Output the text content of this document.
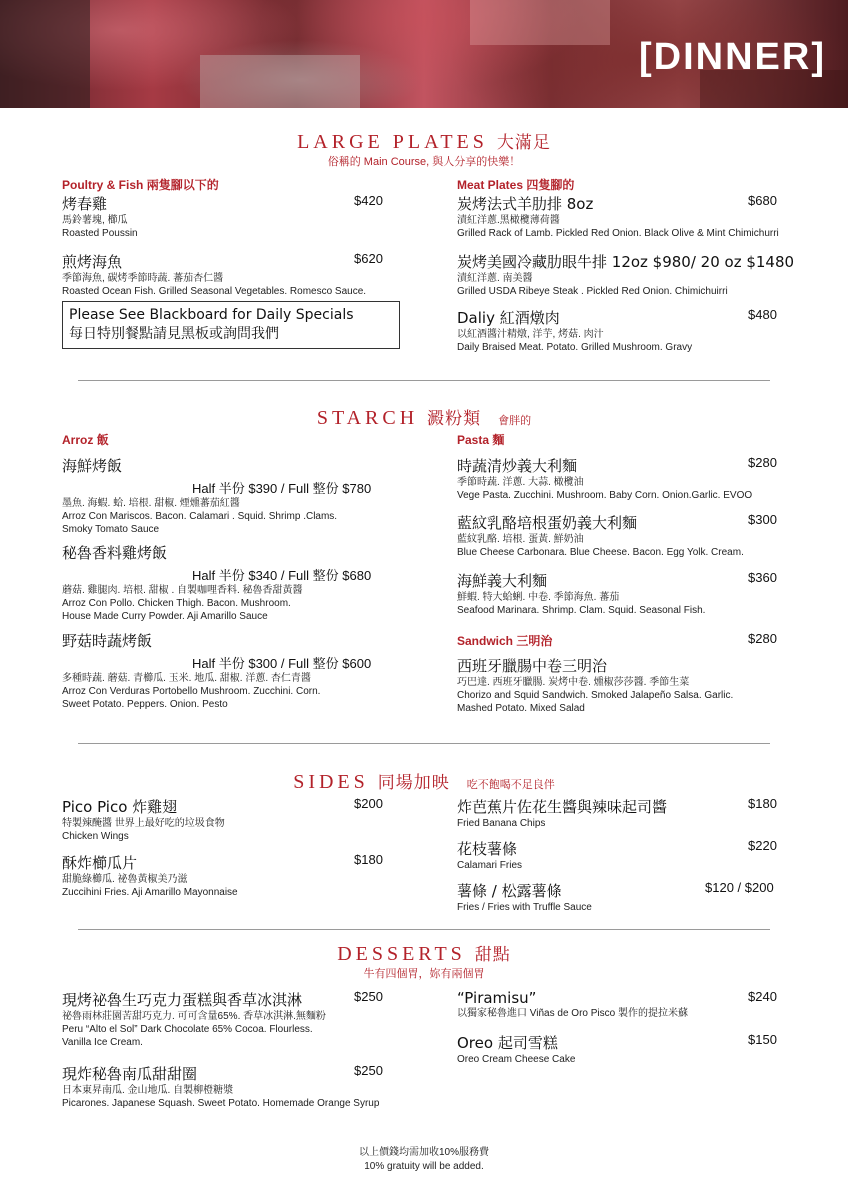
[DINNER]
LARGE PLATES 大滿足
俗稱的 Main Course, 與人分享的快樂！
Poultry & Fish 兩隻腳以下的	Meat Plates 四隻腳的
烤春雞	$420
馬鈴薯塊, 櫛瓜
Roasted Poussin
煎烤海魚	$620
季節海魚, 碳烤季節時蔬. 蕃茄杏仁醬
Roasted Ocean Fish. Grilled Seasonal Vegetables. Romesco Sauce.
Please See Blackboard for Daily Specials
每日特別餐點請見黑板或詢問我們
炭烤法式羊肋排 8oz	$680
漬紅洋蔥.黑橄欖薄荷醬
Grilled Rack of Lamb. Pickled Red Onion. Black Olive & Mint Chimichurri
炭烤美國冷藏肋眼牛排 12oz $980/ 20 oz $1480
漬紅洋蔥. 南美醬
Grilled USDA Ribeye Steak . Pickled Red Onion. Chimichuirri
Daliy 紅酒燉肉	$480
以紅酒醬汁精燉, 洋芋, 烤菇. 肉汁
Daily Braised Meat. Potato. Grilled Mushroom. Gravy
STARCH 澱粉類 會胖的
Arroz 飯	Pasta 麵
海鮮烤飯
Half 半份 $390 / Full 整份 $780
墨魚. 海蝦. 蛤. 培根. 甜椒. 煙燻蕃茄紅醬
Arroz Con Mariscos. Bacon. Calamari . Squid. Shrimp .Clams.
Smoky Tomato Sauce
秘魯香料雞烤飯
Half 半份 $340 / Full 整份 $680
蘑菇. 雞腿肉. 培根. 甜椒 . 自製咖哩香料. 秘魯香甜黃醬
Arroz Con Pollo. Chicken Thigh. Bacon. Mushroom.
House Made Curry Powder. Aji Amarillo Sauce
野菇時蔬烤飯
Half 半份 $300 / Full 整份 $600
多種時蔬. 蘑菇. 青櫛瓜. 玉米. 地瓜. 甜椒. 洋蔥. 杏仁青醬
Arroz Con Verduras Portobello Mushroom. Zucchini. Corn.
Sweet Potato. Peppers. Onion. Pesto
時蔬清炒義大利麵	$280
季節時蔬. 洋蔥. 大蒜. 橄欖油
Vege Pasta. Zucchini. Mushroom. Baby Corn. Onion.Garlic. EVOO
藍紋乳酪培根蛋奶義大利麵	$300
藍紋乳酪. 培根. 蛋黃. 鮮奶油
Blue Cheese Carbonara. Blue Cheese. Bacon. Egg Yolk. Cream.
海鮮義大利麵	$360
鮮蝦. 特大蛤蜊. 中卷. 季節海魚. 蕃茄
Seafood Marinara. Shrimp. Clam. Squid. Seasonal Fish.
Sandwich 三明治	$280
西班牙臘腸中卷三明治
巧巴達. 西班牙臘腸. 炭烤中卷. 燻椒莎莎醬. 季節生菜
Chorizo and Squid Sandwich. Smoked Jalapeño Salsa. Garlic.
Mashed Potato. Mixed Salad
SIDES 同場加映 吃不飽喝不足良伴
Pico Pico 炸雞翅	$200
特製辣醃醬 世界上最好吃的垃圾食物
Chicken Wings
酥炸櫛瓜片	$180
甜脆綠櫛瓜. 祕魯黃椒美乃滋
Zuccihini Fries. Aji Amarillo Mayonnaise
炸芭蕉片佐花生醬與辣味起司醬	$180
Fried Banana Chips
花枝薯條	$220
Calamari Fries
薯條 / 松露薯條	$120 / $200
Fries / Fries with Truffle Sauce
DESSERTS 甜點
牛有四個胃，妳有兩個胃
現烤祕魯生巧克力蛋糕與香草冰淇淋	$250
祕魯雨林莊園苦甜巧克力. 可可含量65%. 香草冰淇淋.無麵粉
Peru “Alto el Sol” Dark Chocolate 65% Cocoa. Flourless.
Vanilla Ice Cream.
現炸秘魯南瓜甜甜圈	$250
日本東昇南瓜. 金山地瓜. 自製柳橙糖漿
Picarones. Japanese Squash. Sweet Potato. Homemade Orange Syrup
“Piramisu”	$240
以獨家秘魯進口 Viñas de Oro Pisco 製作的提拉米蘇
Oreo 起司雪糕	$150
Oreo Cream Cheese Cake
以上價錢均需加收10%服務費
10% gratuity will be added.
